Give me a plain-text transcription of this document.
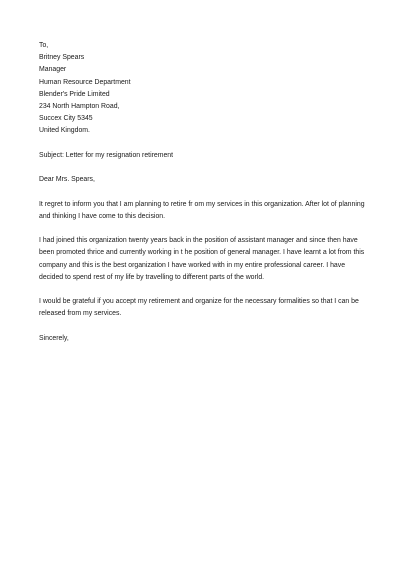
To,
Britney Spears
Manager
Human Resource Department
Blender's Pride Limited
234 North Hampton Road,
Succex City 5345
United Kingdom.
Subject: Letter for my resignation retirement
Dear Mrs. Spears,
It regret to inform you that I am planning to retire fr om my services in this organization. After lot of planning
and thinking I have come to this decision.
I had joined this organization twenty years back in the position of assistant manager and since then have
been promoted thrice and currently working in t he position of general manager. I have learnt a lot from this
company and this is the best organization I have worked with in my entire professional career. I have
decided to spend rest of my life by travelling to different parts of the world.
I would be grateful if you accept my retirement and organize for the necessary formalities so that I can be
released from my services.
Sincerely,
